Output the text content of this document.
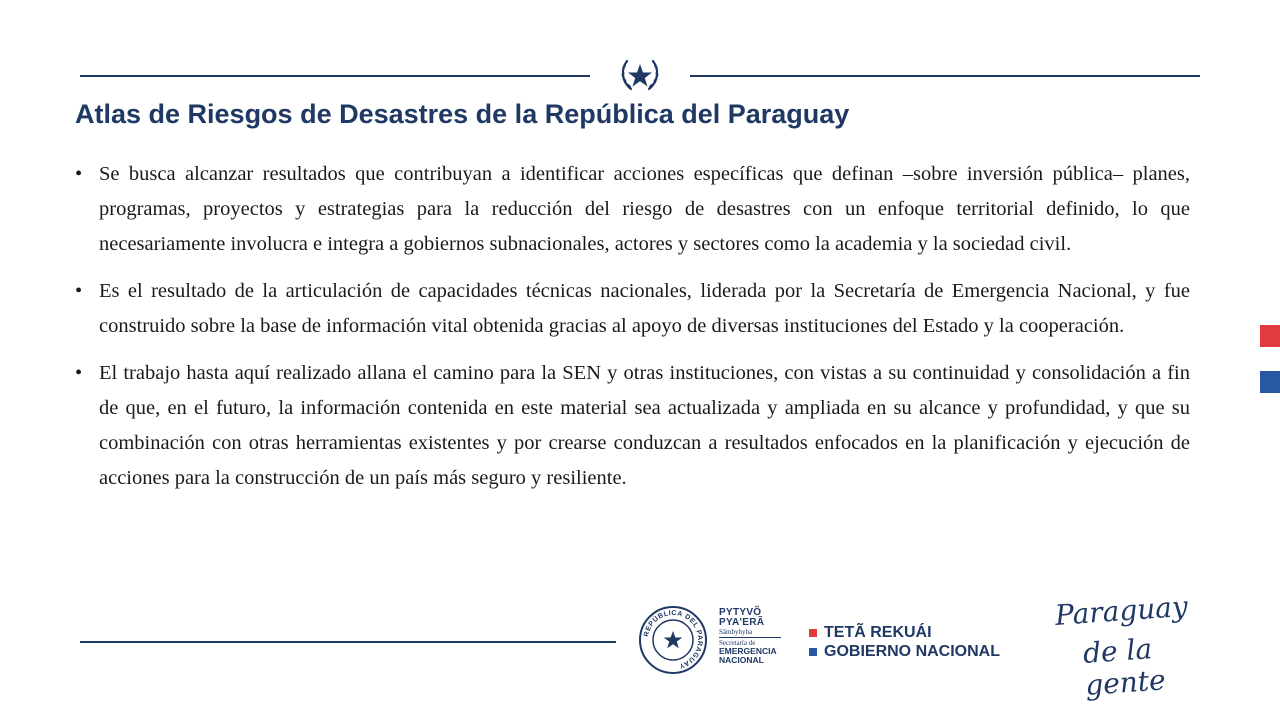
Atlas de Riesgos de Desastres de la República del Paraguay
• Se busca alcanzar resultados que contribuyan a identificar acciones específicas que definan –sobre inversión pública– planes, programas, proyectos y estrategias para la reducción del riesgo de desastres con un enfoque territorial definido, lo que necesariamente involucra e integra a gobiernos subnacionales, actores y sectores como la academia y la sociedad civil.
• Es el resultado de la articulación de capacidades técnicas nacionales, liderada por la Secretaría de Emergencia Nacional, y fue construido sobre la base de información vital obtenida gracias al apoyo de diversas instituciones del Estado y la cooperación.
• El trabajo hasta aquí realizado allana el camino para la SEN y otras instituciones, con vistas a su continuidad y consolidación a fin de que, en el futuro, la información contenida en este material sea actualizada y ampliada en su alcance y profundidad, y que su combinación con otras herramientas existentes y por crearse conduzcan a resultados enfocados en la planificación y ejecución de acciones para la construcción de un país más seguro y resiliente.
REPÚBLICA DEL PARAGUAY
PYTYVÕ
PYA'ERÃ
Sãmbyhyha
Secretaría de
EMERGENCIA
NACIONAL
TETÃ REKUÁI
GOBIERNO NACIONAL
Paraguay
de la gente
